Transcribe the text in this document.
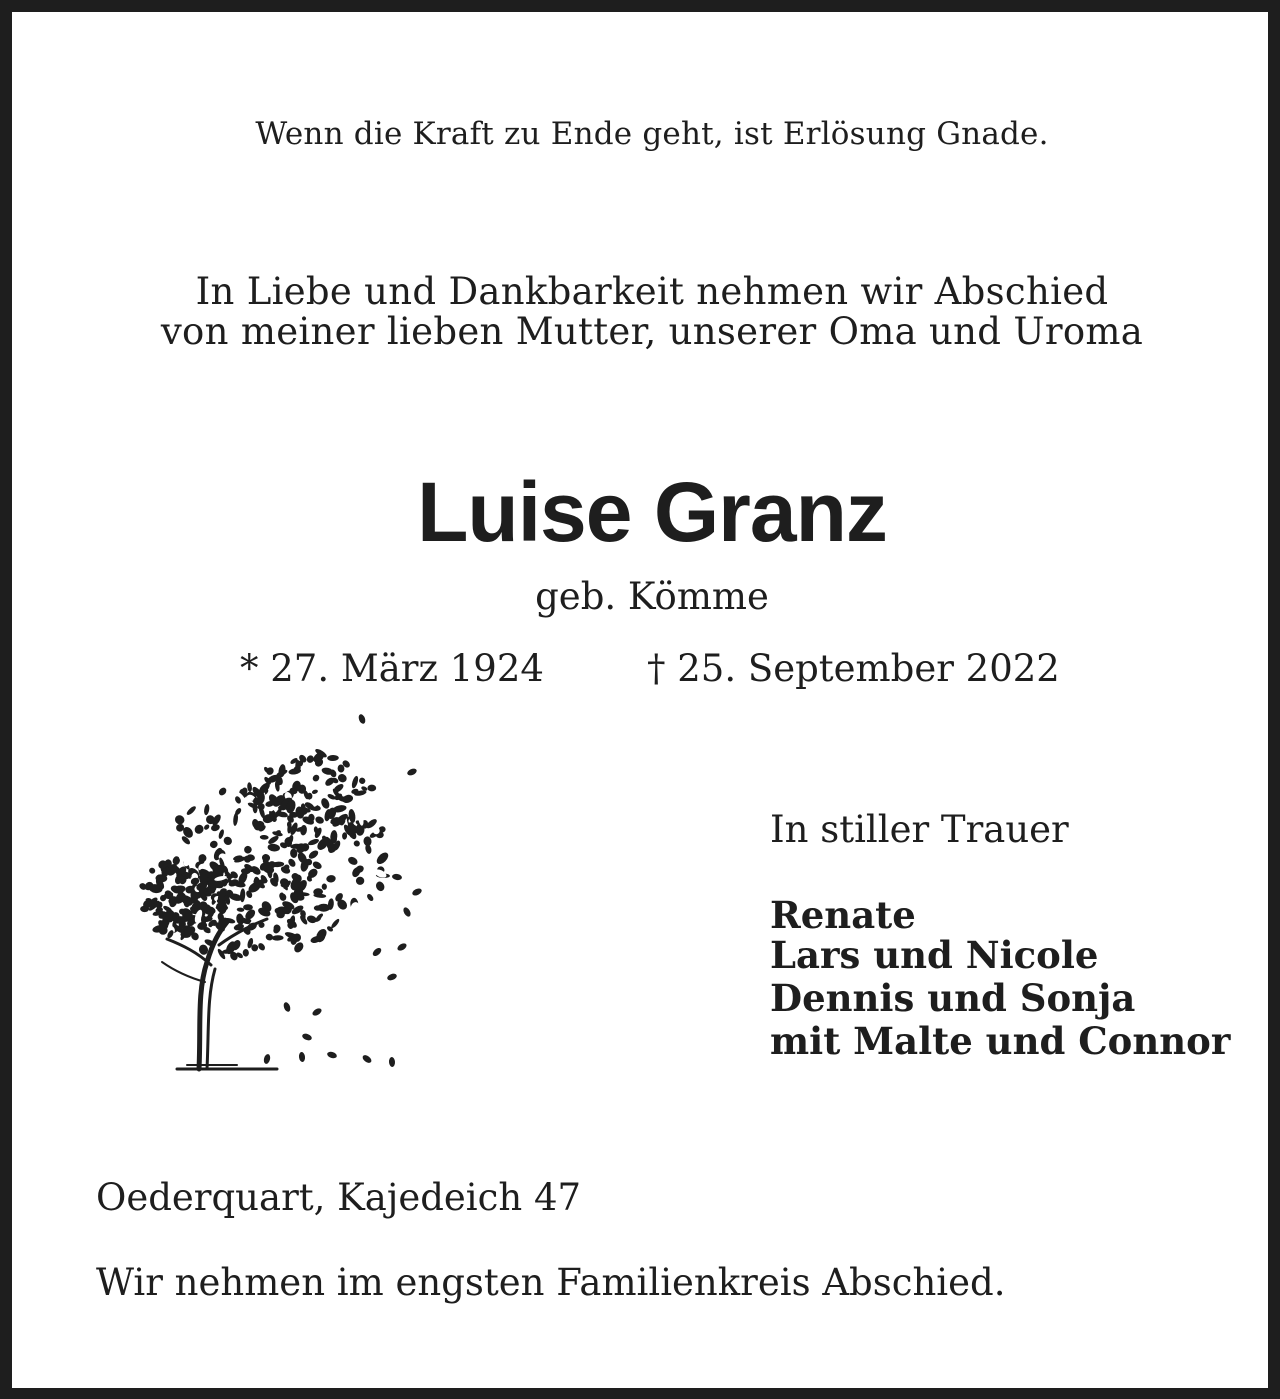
Wenn die Kraft zu Ende geht, ist Erlösung Gnade.
In Liebe und Dankbarkeit nehmen wir Abschied
von meiner lieben Mutter, unserer Oma und Uroma
Luise Granz
geb. Kömme
* 27. März 1924	† 25. September 2022
In stiller Trauer
Renate
Lars und Nicole
Dennis und Sonja
mit Malte und Connor
Oederquart, Kajedeich 47
Wir nehmen im engsten Familienkreis Abschied.
